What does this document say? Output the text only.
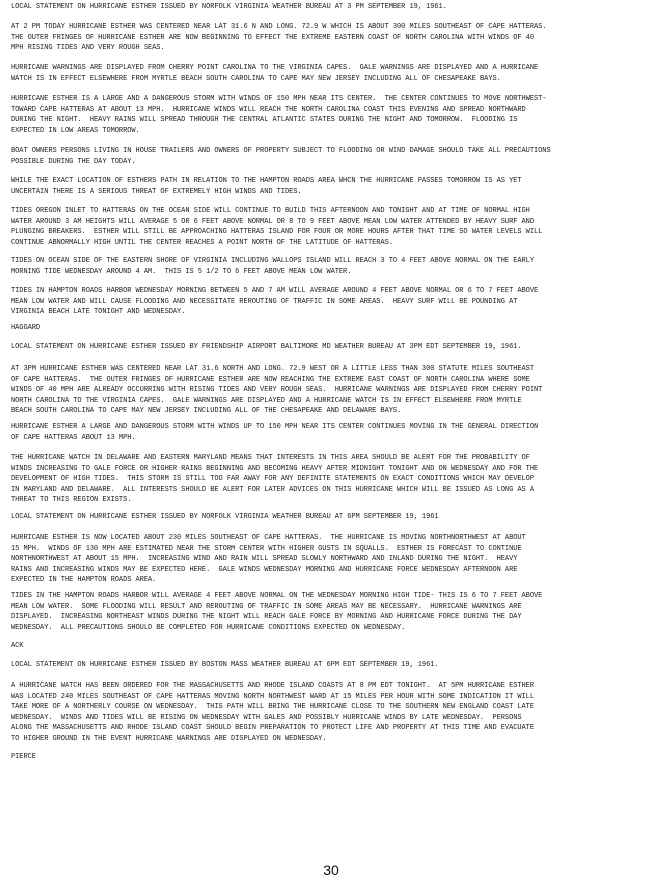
LOCAL STATEMENT ON HURRICANE ESTHER ISSUED BY NORFOLK VIRGINIA WEATHER BUREAU AT 3 PM SEPTEMBER 19, 1961.

AT 2 PM TODAY HURRICANE ESTHER WAS CENTERED NEAR LAT 31.6 N AND LONG. 72.9 W WHICH IS ABOUT 300 MILES SOUTHEAST OF CAPE HATTERAS.
THE OUTER FRINGES OF HURRICANE ESTHER ARE NOW BEGINNING TO EFFECT THE EXTREME EASTERN COAST OF NORTH CAROLINA WITH WINDS OF 40
MPH RISING TIDES AND VERY ROUGH SEAS.

HURRICANE WARNINGS ARE DISPLAYED FROM CHERRY POINT CAROLINA TO THE VIRGINIA CAPES.  GALE WARNINGS ARE DISPLAYED AND A HURRICANE
WATCH IS IN EFFECT ELSEWHERE FROM MYRTLE BEACH SOUTH CAROLINA TO CAPE MAY NEW JERSEY INCLUDING ALL OF CHESAPEAKE BAYS.

HURRICANE ESTHER IS A LARGE AND A DANGEROUS STORM WITH WINDS OF 150 MPH NEAR ITS CENTER.  THE CENTER CONTINUES TO MOVE NORTHWEST-
TOWARD CAPE HATTERAS AT ABOUT 13 MPH.  HURRICANE WINDS WILL REACH THE NORTH CAROLINA COAST THIS EVENING AND SPREAD NORTHWARD
DURING THE NIGHT.  HEAVY RAINS WILL SPREAD THROUGH THE CENTRAL ATLANTIC STATES DURING THE NIGHT AND TOMORROW.  FLOODING IS
EXPECTED IN LOW AREAS TOMORROW.

BOAT OWNERS PERSONS LIVING IN HOUSE TRAILERS AND OWNERS OF PROPERTY SUBJECT TO FLOODING OR WIND DAMAGE SHOULD TAKE ALL PRECAUTIONS
POSSIBLE DURING THE DAY TODAY.

WHILE THE EXACT LOCATION OF ESTHERS PATH IN RELATION TO THE HAMPTON ROADS AREA WHCN THE HURRICANE PASSES TOMORROW IS AS YET
UNCERTAIN THERE IS A SERIOUS THREAT OF EXTREMELY HIGH WINDS AND TIDES.

TIDES OREGON INLET TO HATTERAS ON THE OCEAN SIDE WILL CONTINUE TO BUILD THIS AFTERNOON AND TONIGHT AND AT TIME OF NORMAL HIGH
WATER AROUND 3 AM HEIGHTS WILL AVERAGE 5 OR 6 FEET ABOVE NORMAL OR 8 TO 9 FEET ABOVE MEAN LOW WATER ATTENDED BY HEAVY SURF AND
PLUNGING BREAKERS.  ESTHER WILL STILL BE APPROACHING HATTERAS ISLAND FOR FOUR OR MORE HOURS AFTER THAT TIME SO WATER LEVELS WILL
CONTINUE ABNORMALLY HIGH UNTIL THE CENTER REACHES A POINT NORTH OF THE LATITUDE OF HATTERAS.

TIDES ON OCEAN SIDE OF THE EASTERN SHORE OF VIRGINIA INCLUDING WALLOPS ISLAND WILL REACH 3 TO 4 FEET ABOVE NORMAL ON THE EARLY
MORNING TIDE WEDNESDAY AROUND 4 AM.  THIS IS 5 1/2 TO 6 FEET ABOVE MEAN LOW WATER.

TIDES IN HAMPTON ROADS HARBOR WEDNESDAY MORNING BETWEEN 5 AND 7 AM WILL AVERAGE AROUND 4 FEET ABOVE NORMAL OR 6 TO 7 FEET ABOVE
MEAN LOW WATER AND WILL CAUSE FLOODING AND NECESSITATE REROUTING OF TRAFFIC IN SOME AREAS.  HEAVY SURF WILL BE POUNDING AT
VIRGINIA BEACH LATE TONIGHT AND WEDNESDAY.

HAGGARD

LOCAL STATEMENT ON HURRICANE ESTHER ISSUED BY FRIENDSHIP AIRPORT BALTIMORE MD WEATHER BUREAU AT 3PM EDT SEPTEMBER 19, 1961.

AT 3PM HURRICANE ESTHER WAS CENTERED NEAR LAT 31.6 NORTH AND LONG. 72.9 WEST OR A LITTLE LESS THAN 300 STATUTE MILES SOUTHEAST
OF CAPE HATTERAS.  THE OUTER FRINGES OF HURRICANE ESTHER ARE NOW REACHING THE EXTREME EAST COAST OF NORTH CAROLINA WHERE SOME
WINDS OF 40 MPH ARE ALREADY OCCURRING WITH RISING TIDES AND VERY ROUGH SEAS.  HURRICANE WARNINGS ARE DISPLAYED FROM CHERRY POINT
NORTH CAROLINA TO THE VIRGINIA CAPES.  GALE WARNINGS ARE DISPLAYED AND A HURRICANE WATCH IS IN EFFECT ELSEWHERE FROM MYRTLE
BEACH SOUTH CAROLINA TO CAPE MAY NEW JERSEY INCLUDING ALL OF THE CHESAPEAKE AND DELAWARE BAYS.

HURRICANE ESTHER A LARGE AND DANGEROUS STORM WITH WINDS UP TO 150 MPH NEAR ITS CENTER CONTINUES MOVING IN THE GENERAL DIRECTION
OF CAPE HATTERAS ABOUT 13 MPH.

THE HURRICANE WATCH IN DELAWARE AND EASTERN MARYLAND MEANS THAT INTERESTS IN THIS AREA SHOULD BE ALERT FOR THE PROBABILITY OF
WINDS INCREASING TO GALE FORCE OR HIGHER RAINS BEGINNING AND BECOMING HEAVY AFTER MIDNIGHT TONIGHT AND ON WEDNESDAY AND FOR THE
DEVELOPMENT OF HIGH TIDES.  THIS STORM IS STILL TOO FAR AWAY FOR ANY DEFINITE STATEMENTS ON EXACT CONDITIONS WHICH MAY DEVELOP
IN MARYLAND AND DELAWARE.  ALL INTERESTS SHOULD BE ALERT FOR LATER ADVICES ON THIS HURRICANE WHICH WILL BE ISSUED AS LONG AS A
THREAT TO THIS REGION EXISTS.

LOCAL STATEMENT ON HURRICANE ESTHER ISSUED BY NORFOLK VIRGINIA WEATHER BUREAU AT 6PM SEPTEMBER 19, 1961

HURRICANE ESTHER IS NOW LOCATED ABOUT 230 MILES SOUTHEAST OF CAPE HATTERAS.  THE HURRICANE IS MOVING NORTHNORTHWEST AT ABOUT
15 MPH.  WINDS OF 130 MPH ARE ESTIMATED NEAR THE STORM CENTER WITH HIGHER GUSTS IN SQUALLS.  ESTHER IS FORECAST TO CONTINUE
NORTHNORTHWEST AT ABOUT 15 MPH.  INCREASING WIND AND RAIN WILL SPREAD SLOWLY NORTHWARD AND INLAND DURING THE NIGHT.  HEAVY
RAINS AND INCREASING WINDS MAY BE EXPECTED HERE.  GALE WINDS WEDNESDAY MORNING AND HURRICANE FORCE WEDNESDAY AFTERNOON ARE
EXPECTED IN THE HAMPTON ROADS AREA.

TIDES IN THE HAMPTON ROADS HARBOR WILL AVERAGE 4 FEET ABOVE NORMAL ON THE WEDNESDAY MORNING HIGH TIDE- THIS IS 6 TO 7 FEET ABOVE
MEAN LOW WATER.  SOME FLOODING WILL RESULT AND REROUTING OF TRAFFIC IN SOME AREAS MAY BE NECESSARY.  HURRICANE WARNINGS ARE
DISPLAYED.  INCREASING NORTHEAST WINDS DURING THE NIGHT WILL REACH GALE FORCE BY MORNING AND HURRICANE FORCE DURING THE DAY
WEDNESDAY.  ALL PRECAUTIONS SHOULD BE COMPLETED FOR HURRICANE CONDITIONS EXPECTED ON WEDNESDAY.

ACK

LOCAL STATEMENT ON HURRICANE ESTHER ISSUED BY BOSTON MASS WEATHER BUREAU AT 6PM EDT SEPTEMBER 19, 1961.

A HURRICANE WATCH HAS BEEN ORDERED FOR THE MASSACHUSETTS AND RHODE ISLAND COASTS AT 8 PM EDT TONIGHT.  AT 5PM HURRICANE ESTHER
WAS LOCATED 240 MILES SOUTHEAST OF CAPE HATTERAS MOVING NORTH NORTHWEST WARD AT 15 MILES PER HOUR WITH SOME INDICATION IT WILL
TAKE MORE OF A NORTHERLY COURSE ON WEDNESDAY.  THIS PATH WILL BRING THE HURRICANE CLOSE TO THE SOUTHERN NEW ENGLAND COAST LATE
WEDNESDAY.  WINDS AND TIDES WILL BE RISING ON WEDNESDAY WITH GALES AND POSSIBLY HURRICANE WINDS BY LATE WEDNESDAY.  PERSONS
ALONG THE MASSACHUSETTS AND RHODE ISLAND COAST SHOULD BEGIN PREPARATION TO PROTECT LIFE AND PROPERTY AT THIS TIME AND EVACUATE
TO HIGHER GROUND IN THE EVENT HURRICANE WARNINGS ARE DISPLAYED ON WEDNESDAY.

PIERCE

30
